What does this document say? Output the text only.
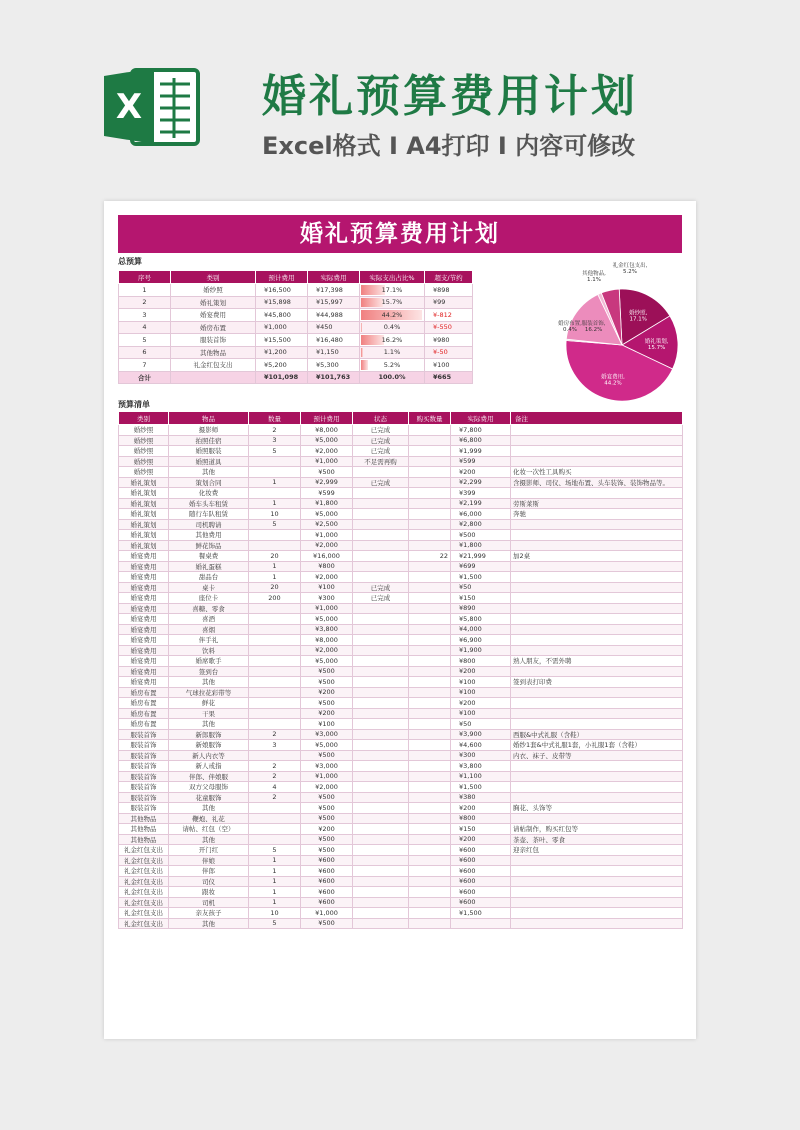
X	婚礼预算费用计划
Excel格式 I A4打印 I 内容可修改
婚礼预算费用计划
总预算
序号	类别	预计费用	实际费用	实际支出占比%	超支/节约
1	婚纱照	¥16,500	¥17,398	17.1%	¥898
2	婚礼策划	¥15,898	¥15,997	15.7%	¥99
3	婚宴费用	¥45,800	¥44,988	44.2%	¥-812
4	婚房布置	¥1,000	¥450	0.4%	¥-550
5	服装首饰	¥15,500	¥16,480	16.2%	¥980
6	其他物品	¥1,200	¥1,150	1.1%	¥-50
7	礼金红包支出	¥5,200	¥5,300	5.2%	¥100
合计		¥101,098	¥101,763	100.0%	¥665
婚纱照, 17.1%
婚礼策划, 15.7%
婚宴费用, 44.2%
婚房布置, 0.4%
服装首饰, 16.2%
其他物品, 1.1%
礼金红包支出, 5.2%
预算清单
类别	物品	数量	预计费用	状态	购买数量	实际费用	备注
婚纱照	摄影师	2	¥8,000	已完成		¥7,800	
婚纱照	拍照佳宿	3	¥5,000	已完成		¥6,800	
婚纱照	婚照服装	5	¥2,000	已完成		¥1,999	
婚纱照	婚照道具		¥1,000	不足需再购		¥599	
婚纱照	其他		¥500			¥200	化妆一次性工具购买
婚礼策划	策划合同	1	¥2,999	已完成		¥2,299	含摄影师、司仪、场地布置、头车装饰、装饰物品等。
婚礼策划	化妆费		¥599			¥399	
婚礼策划	婚车头车租赁	1	¥1,800			¥2,199	劳斯莱斯
婚礼策划	随行车队租赁	10	¥5,000			¥6,000	奔驰
婚礼策划	司机聘请	5	¥2,500			¥2,800	
婚礼策划	其他费用		¥1,000			¥500	
婚礼策划	鲜花饰品		¥2,000			¥1,800	
婚宴费用	餐桌费	20	¥16,000		22	¥21,999	加2桌
婚宴费用	婚礼蛋糕	1	¥800			¥699	
婚宴费用	甜品台	1	¥2,000			¥1,500	
婚宴费用	桌卡	20	¥100	已完成		¥50	
婚宴费用	座位卡	200	¥300	已完成		¥150	
婚宴费用	喜糖、零食		¥1,000			¥890	
婚宴费用	喜酒		¥5,000			¥5,800	
婚宴费用	喜烟		¥3,800			¥4,000	
婚宴费用	伴手礼		¥8,000			¥6,900	
婚宴费用	饮料		¥2,000			¥1,900	
婚宴费用	婚席歌手		¥5,000			¥800	熟人朋友，不需外聘
婚宴费用	签到台		¥500			¥200	
婚宴费用	其他		¥500			¥100	签到表打印费
婚房布置	气球拉花彩带等		¥200			¥100	
婚房布置	鲜花		¥500			¥200	
婚房布置	干果		¥200			¥100	
婚房布置	其他		¥100			¥50	
服装首饰	新郎服饰	2	¥3,000			¥3,900	西服&中式礼服（含鞋）
服装首饰	新娘服饰	3	¥5,000			¥4,600	婚纱1套&中式礼服1套，小礼服1套（含鞋）
服装首饰	新人内衣等		¥500			¥300	内衣、袜子、皮带等
服装首饰	新人戒指	2	¥3,000			¥3,800	
服装首饰	伴郎、伴娘服	2	¥1,000			¥1,100	
服装首饰	双方父母服饰	4	¥2,000			¥1,500	
服装首饰	花童服饰	2	¥500			¥380	
服装首饰	其他		¥500			¥200	胸花、头饰等
其他物品	鞭炮、礼花		¥500			¥800	
其他物品	请帖、红包（空）		¥200			¥150	请帖制作，购买红包等
其他物品	其他		¥500			¥200	茶壶、茶叶、零食
礼金红包支出	开门红	5	¥500			¥600	迎亲红包
礼金红包支出	伴娘	1	¥600			¥600	
礼金红包支出	伴郎	1	¥600			¥600	
礼金红包支出	司仪	1	¥600			¥600	
礼金红包支出	跟妆	1	¥600			¥600	
礼金红包支出	司机	1	¥600			¥600	
礼金红包支出	亲友孩子	10	¥1,000			¥1,500	
礼金红包支出	其他	5	¥500				
